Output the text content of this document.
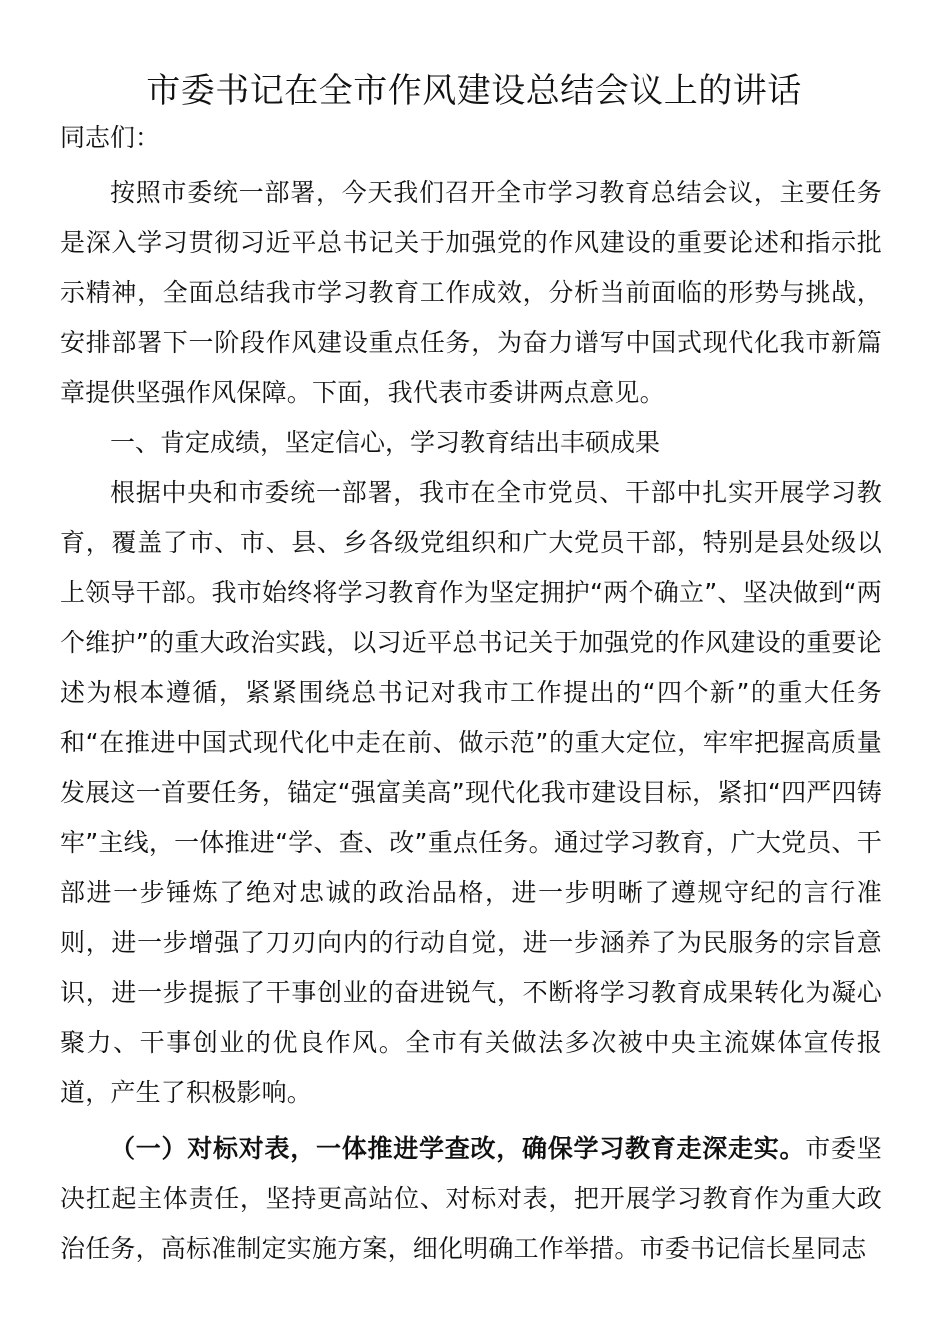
市委书记在全市作风建设总结会议上的讲话

同志们：

按照市委统一部署，今天我们召开全市学习教育总结会议，主要任务是深入学习贯彻习近平总书记关于加强党的作风建设的重要论述和指示批示精神，全面总结我市学习教育工作成效，分析当前面临的形势与挑战，安排部署下一阶段作风建设重点任务，为奋力谱写中国式现代化我市新篇章提供坚强作风保障。下面，我代表市委讲两点意见。

一、肯定成绩，坚定信心，学习教育结出丰硕成果

根据中央和市委统一部署，我市在全市党员、干部中扎实开展学习教育，覆盖了市、市、县、乡各级党组织和广大党员干部，特别是县处级以上领导干部。我市始终将学习教育作为坚定拥护“两个确立”、坚决做到“两个维护”的重大政治实践，以习近平总书记关于加强党的作风建设的重要论述为根本遵循，紧紧围绕总书记对我市工作提出的“四个新”的重大任务和“在推进中国式现代化中走在前、做示范”的重大定位，牢牢把握高质量发展这一首要任务，锚定“强富美高”现代化我市建设目标，紧扣“四严四铸牢”主线，一体推进“学、查、改”重点任务。通过学习教育，广大党员、干部进一步锤炼了绝对忠诚的政治品格，进一步明晰了遵规守纪的言行准则，进一步增强了刀刃向内的行动自觉，进一步涵养了为民服务的宗旨意识，进一步提振了干事创业的奋进锐气，不断将学习教育成果转化为凝心聚力、干事创业的优良作风。全市有关做法多次被中央主流媒体宣传报道，产生了积极影响。

（一）对标对表，一体推进学查改，确保学习教育走深走实。市委坚决扛起主体责任，坚持更高站位、对标对表，把开展学习教育作为重大政治任务，高标准制定实施方案，细化明确工作举措。市委书记信长星同志
